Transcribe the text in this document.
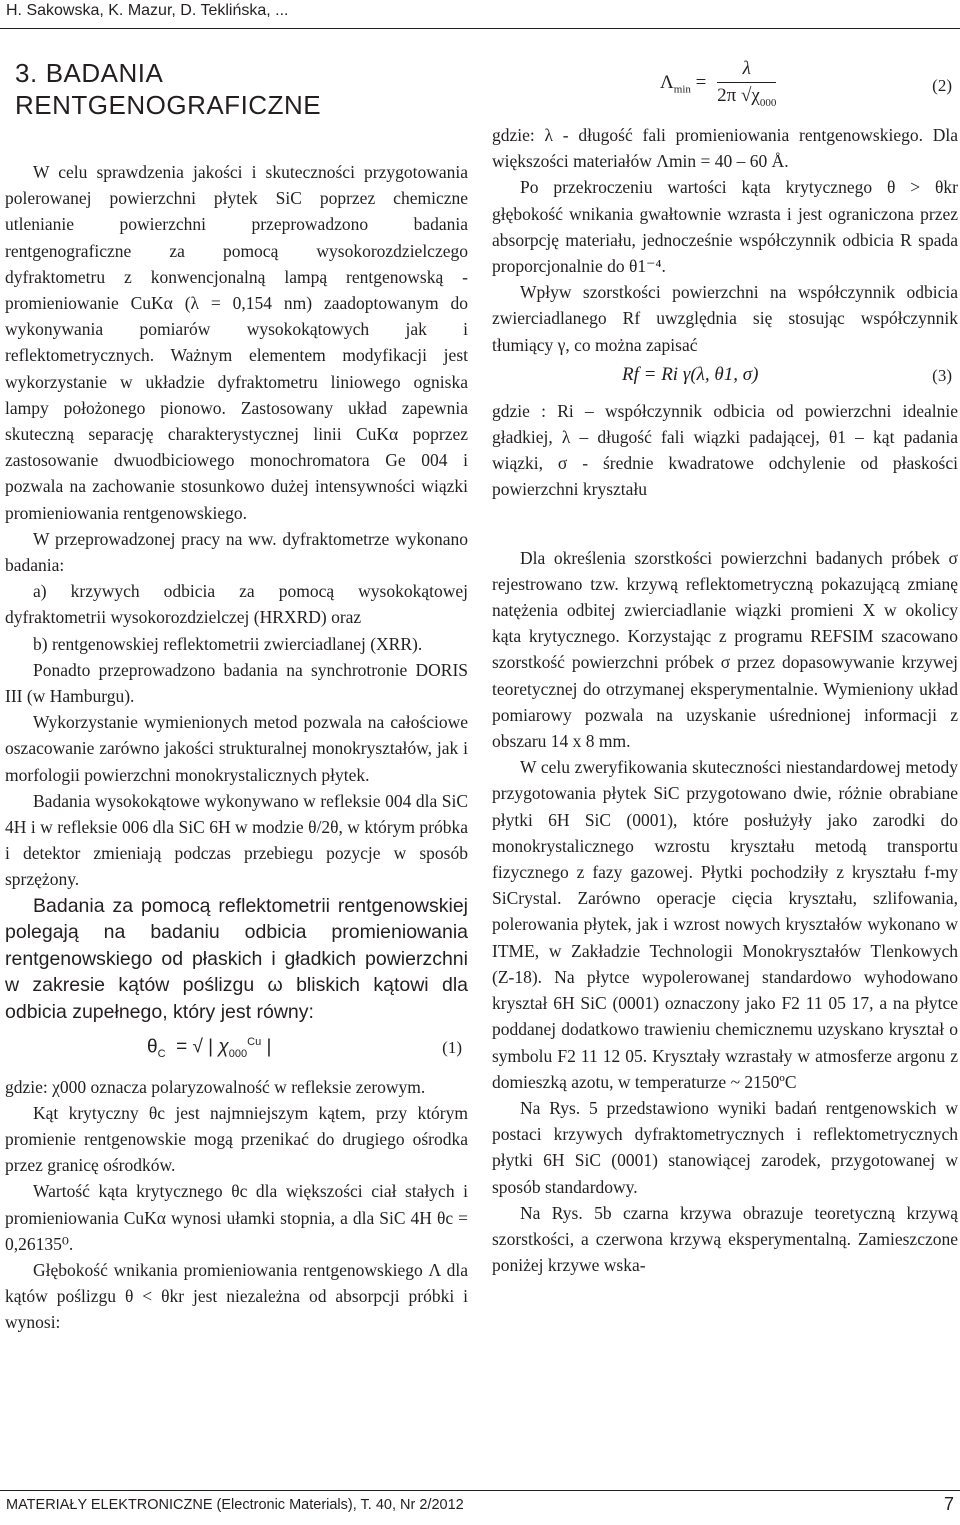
H. Sakowska, K. Mazur, D. Teklińska, ...
3. BADANIA
RENTGENOGRAFICZNE

W celu sprawdzenia jakości i skuteczności przygotowania polerowanej powierzchni płytek SiC poprzez chemiczne utlenianie powierzchni przeprowadzono badania rentgenograficzne za pomocą wysokorozdzielczego dyfraktometru z konwencjonalną lampą rentgenowską - promieniowanie CuKα (λ = 0,154 nm) zaadoptowanym do wykonywania pomiarów wysokokątowych jak i reflektometrycznych. Ważnym elementem modyfikacji jest wykorzystanie w układzie dyfraktometru liniowego ogniska lampy położonego pionowo. Zastosowany układ zapewnia skuteczną separację charakterystycznej linii CuKα poprzez zastosowanie dwuodbiciowego monochromatora Ge 004 i pozwala na zachowanie stosunkowo dużej intensywności wiązki promieniowania rentgenowskiego.

W przeprowadzonej pracy na ww. dyfraktometrze wykonano badania:

a) krzywych odbicia za pomocą wysokokątowej dyfraktometrii wysokorozdzielczej (HRXRD) oraz

b) rentgenowskiej reflektometrii zwierciadlanej (XRR).

Ponadto przeprowadzono badania na synchrotronie DORIS III (w Hamburgu).

Wykorzystanie wymienionych metod pozwala na całościowe oszacowanie zarówno jakości strukturalnej monokryształów, jak i morfologii powierzchni monokrystalicznych płytek.

Badania wysokokątowe wykonywano w refleksie 004 dla SiC 4H i w refleksie 006 dla SiC 6H w modzie θ/2θ, w którym próbka i detektor zmieniają podczas przebiegu pozycje w sposób sprzężony.

Badania za pomocą reflektometrii rentgenowskiej polegają na badaniu odbicia promieniowania rentgenowskiego od płaskich i gładkich powierzchni w zakresie kątów poślizgu ω bliskich kątowi dla odbicia zupełnego, który jest równy:

$\theta_C$  = √ | $\chi_{000}^{Cu}$ |	(1)

gdzie: χ000 oznacza polaryzowalność w refleksie zerowym.

Kąt krytyczny θc jest najmniejszym kątem, przy którym promienie rentgenowskie mogą przenikać do drugiego ośrodka przez granicę ośrodków.

Wartość kąta krytycznego θc dla większości ciał stałych i promieniowania CuKα wynosi ułamki stopnia, a dla SiC 4H θc = 0,26135⁰.

Głębokość wnikania promieniowania rentgenowskiego Λ dla kątów poślizgu θ < θkr jest niezależna od absorpcji próbki i wynosi:

$\Lambda_{min} = \frac{\lambda}{2\pi √\chi_{000}}$	(2)

gdzie: λ - długość fali promieniowania rentgenowskiego. Dla większości materiałów Λmin = 40 – 60 Å.

Po przekroczeniu wartości kąta krytycznego θ > θkr głębokość wnikania gwałtownie wzrasta i jest ograniczona przez absorpcję materiału, jednocześnie współczynnik odbicia R spada proporcjonalnie do θ1⁻⁴.

Wpływ szorstkości powierzchni na współczynnik odbicia zwierciadlanego Rf uwzględnia się stosując współczynnik tłumiący γ, co można zapisać

Rf = Ri γ(λ, θ1, σ)	(3)

gdzie : Ri – współczynnik odbicia od powierzchni idealnie gładkiej, λ – długość fali wiązki padającej, θ1 – kąt padania wiązki, σ - średnie kwadratowe odchylenie od płaskości powierzchni kryształu

Dla określenia szorstkości powierzchni badanych próbek σ rejestrowano tzw. krzywą reflektometryczną pokazującą zmianę natężenia odbitej zwierciadlanie wiązki promieni X w okolicy kąta krytycznego. Korzystając z programu REFSIM szacowano szorstkość powierzchni próbek σ przez dopasowywanie krzywej teoretycznej do otrzymanej eksperymentalnie. Wymieniony układ pomiarowy pozwala na uzyskanie uśrednionej informacji z obszaru 14 x 8 mm.

W celu zweryfikowania skuteczności niestandardowej metody przygotowania płytek SiC przygotowano dwie, różnie obrabiane płytki 6H SiC (0001), które posłużyły jako zarodki do monokrystalicznego wzrostu kryształu metodą transportu fizycznego z fazy gazowej. Płytki pochodziły z kryształu f-my SiCrystal. Zarówno operacje cięcia kryształu, szlifowania, polerowania płytek, jak i wzrost nowych kryształów wykonano w ITME, w Zakładzie Technologii Monokryształów Tlenkowych (Z-18). Na płytce wypolerowanej standardowo wyhodowano kryształ 6H SiC (0001) oznaczony jako F2 11 05 17, a na płytce poddanej dodatkowo trawieniu chemicznemu uzyskano kryształ o symbolu F2 11 12 05. Kryształy wzrastały w atmosferze argonu z domieszką azotu, w temperaturze ~ 2150ºC

Na Rys. 5 przedstawiono wyniki badań rentgenowskich w postaci krzywych dyfraktometrycznych i reflektometrycznych płytki 6H SiC (0001) stanowiącej zarodek, przygotowanej w sposób standardowy.

Na Rys. 5b czarna krzywa obrazuje teoretyczną krzywą szorstkości, a czerwona krzywą eksperymentalną. Zamieszczone poniżej krzywe wska-

MATERIAŁY ELEKTRONICZNE (Electronic Materials), T. 40, Nr 2/2012	7
